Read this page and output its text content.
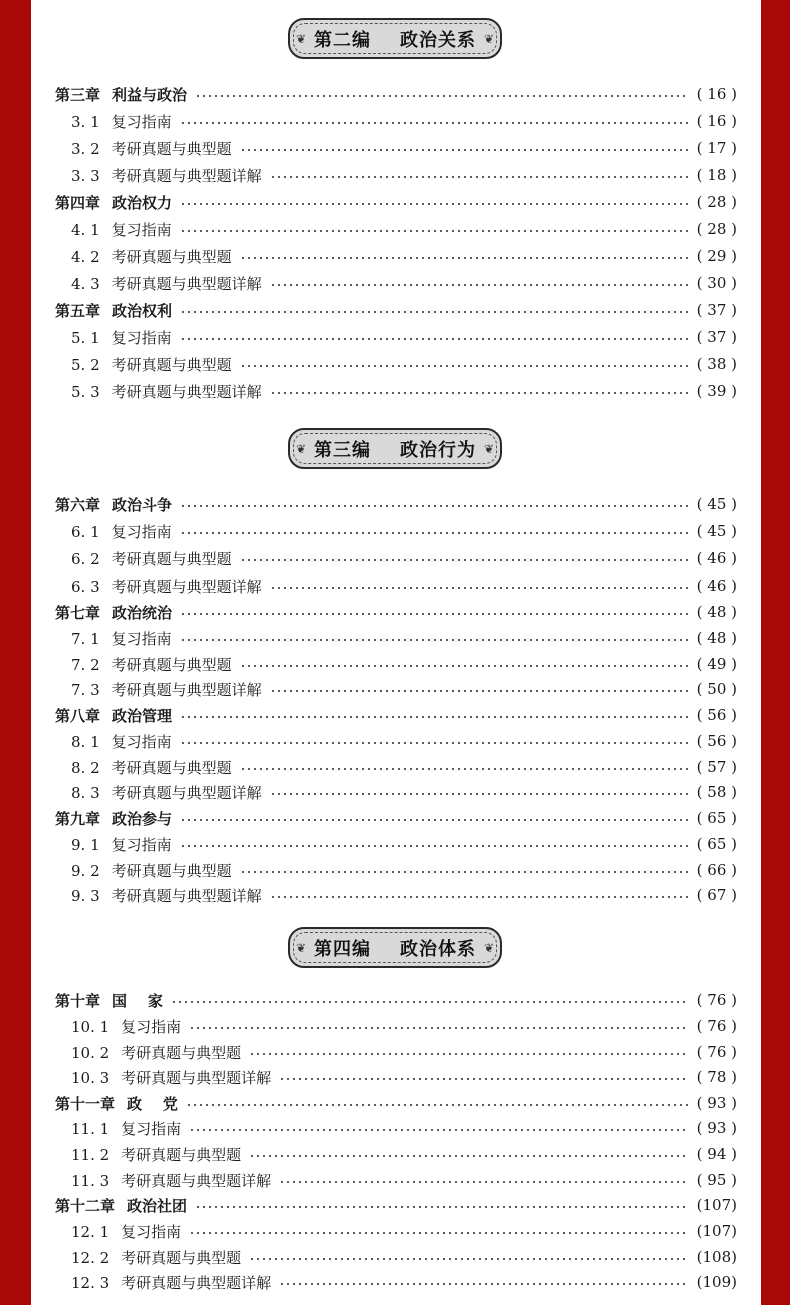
❦ 第二编    政治关系 ❦
第三章 利益与政治	( 16 )
3. 1 复习指南	( 16 )
3. 2 考研真题与典型题	( 17 )
3. 3 考研真题与典型题详解	( 18 )
第四章 政治权力	( 28 )
4. 1 复习指南	( 28 )
4. 2 考研真题与典型题	( 29 )
4. 3 考研真题与典型题详解	( 30 )
第五章 政治权利	( 37 )
5. 1 复习指南	( 37 )
5. 2 考研真题与典型题	( 38 )
5. 3 考研真题与典型题详解	( 39 )
❦ 第三编    政治行为 ❦
第六章 政治斗争	( 45 )
6. 1 复习指南	( 45 )
6. 2 考研真题与典型题	( 46 )
6. 3 考研真题与典型题详解	( 46 )
第七章 政治统治	( 48 )
7. 1 复习指南	( 48 )
7. 2 考研真题与典型题	( 49 )
7. 3 考研真题与典型题详解	( 50 )
第八章 政治管理	( 56 )
8. 1 复习指南	( 56 )
8. 2 考研真题与典型题	( 57 )
8. 3 考研真题与典型题详解	( 58 )
第九章 政治参与	( 65 )
9. 1 复习指南	( 65 )
9. 2 考研真题与典型题	( 66 )
9. 3 考研真题与典型题详解	( 67 )
❦ 第四编    政治体系 ❦
第十章 国    家	( 76 )
10. 1 复习指南	( 76 )
10. 2 考研真题与典型题	( 76 )
10. 3 考研真题与典型题详解	( 78 )
第十一章 政    党	( 93 )
11. 1 复习指南	( 93 )
11. 2 考研真题与典型题	( 94 )
11. 3 考研真题与典型题详解	( 95 )
第十二章 政治社团	(107)
12. 1 复习指南	(107)
12. 2 考研真题与典型题	(108)
12. 3 考研真题与典型题详解	(109)
